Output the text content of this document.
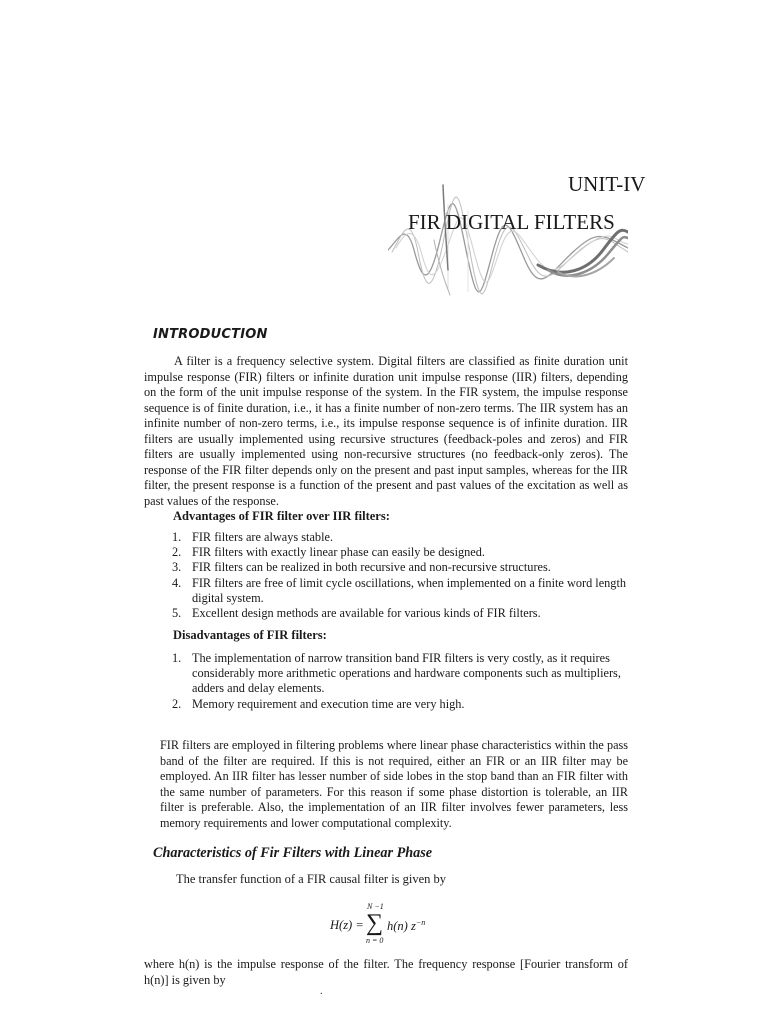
UNIT-IV
FIR DIGITAL FILTERS
INTRODUCTION

A filter is a frequency selective system. Digital filters are classified as finite duration unit impulse response (FIR) filters or infinite duration unit impulse response (IIR) filters, depending on the form of the unit impulse response of the system. In the FIR system, the impulse response sequence is of finite duration, i.e., it has a finite number of non-zero terms. The IIR system has an infinite number of non-zero terms, i.e., its impulse response sequence is of infinite duration. IIR filters are usually implemented using recursive structures (feedback-poles and zeros) and FIR filters are usually implemented using non-recursive structures (no feedback-only zeros). The response of the FIR filter depends only on the present and past input samples, whereas for the IIR filter, the present response is a function of the present and past values of the excitation as well as past values of the response.

Advantages of FIR filter over IIR filters:
1. FIR filters are always stable.
2. FIR filters with exactly linear phase can easily be designed.
3. FIR filters can be realized in both recursive and non-recursive structures.
4. FIR filters are free of limit cycle oscillations, when implemented on a finite word length digital system.
5. Excellent design methods are available for various kinds of FIR filters.
Disadvantages of FIR filters:
1. The implementation of narrow transition band FIR filters is very costly, as it requires considerably more arithmetic operations and hardware components such as multipliers, adders and delay elements.
2. Memory requirement and execution time are very high.

FIR filters are employed in filtering problems where linear phase characteristics within the pass band of the filter are required. If this is not required, either an FIR or an IIR filter may be employed. An IIR filter has lesser number of side lobes in the stop band than an FIR filter with the same number of parameters. For this reason if some phase distortion is tolerable, an IIR filter is preferable. Also, the implementation of an IIR filter involves fewer parameters, less memory requirements and lower computational complexity.

Characteristics of Fir Filters with Linear Phase

The transfer function of a FIR causal filter is given by

H(z) =
N −1
∑
n = 0
h(n) $z^{-n}$

where h(n) is the impulse response of the filter. The frequency response [Fourier transform of h(n)] is given by

.
